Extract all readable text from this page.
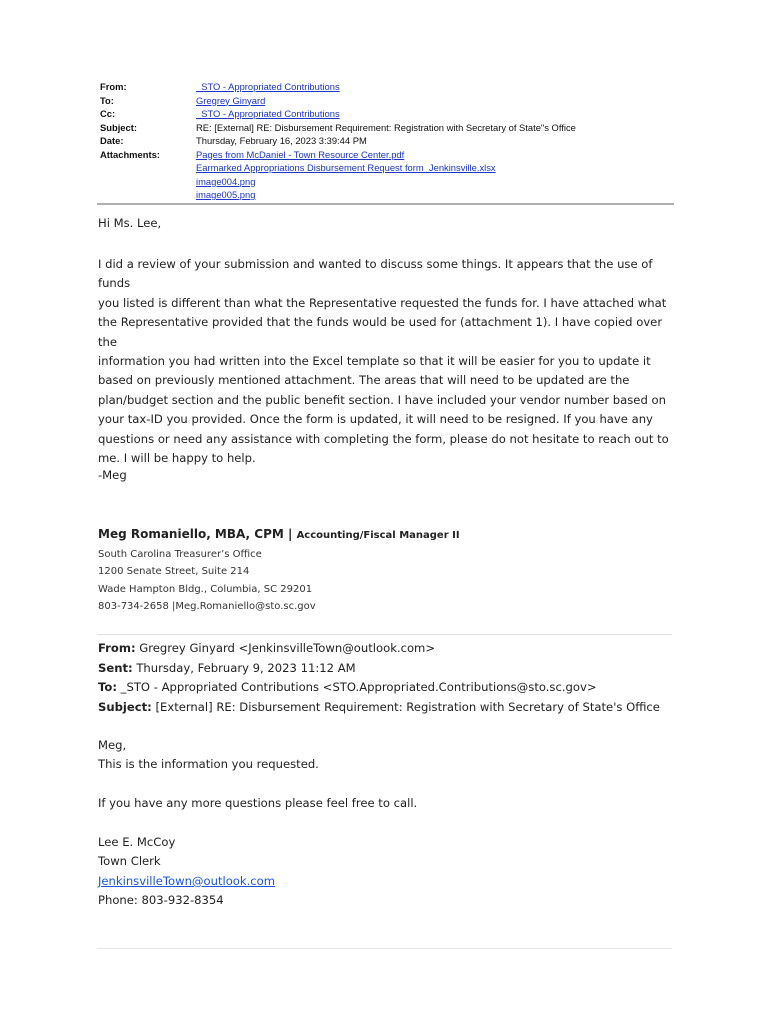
From:	_STO - Appropriated Contributions
To:	Gregrey Ginyard
Cc:	_STO - Appropriated Contributions
Subject:	RE: [External] RE: Disbursement Requirement: Registration with Secretary of State"s Office
Date:	Thursday, February 16, 2023 3:39:44 PM
Attachments:	Pages from McDaniel - Town Resource Center.pdf
Earmarked Appropriations Disbursement Request form_Jenkinsville.xlsx
image004.png
image005.png
Hi Ms. Lee,
I did a review of your submission and wanted to discuss some things. It appears that the use of funds
you listed is different than what the Representative requested the funds for. I have attached what
the Representative provided that the funds would be used for (attachment 1). I have copied over the
information you had written into the Excel template so that it will be easier for you to update it
based on previously mentioned attachment. The areas that will need to be updated are the
plan/budget section and the public benefit section. I have included your vendor number based on
your tax-ID you provided. Once the form is updated, it will need to be resigned. If you have any
questions or need any assistance with completing the form, please do not hesitate to reach out to
me. I will be happy to help.
-Meg
Meg Romaniello, MBA, CPM | Accounting/Fiscal Manager II
South Carolina Treasurer’s Office
1200 Senate Street, Suite 214
Wade Hampton Bldg., Columbia, SC 29201
803-734-2658 |Meg.Romaniello@sto.sc.gov
From: Gregrey Ginyard <JenkinsvilleTown@outlook.com>
Sent: Thursday, February 9, 2023 11:12 AM
To: _STO - Appropriated Contributions <STO.Appropriated.Contributions@sto.sc.gov>
Subject: [External] RE: Disbursement Requirement: Registration with Secretary of State's Office
Meg,
This is the information you requested.
If you have any more questions please feel free to call.
Lee E. McCoy
Town Clerk
JenkinsvilleTown@outlook.com
Phone: 803-932-8354
